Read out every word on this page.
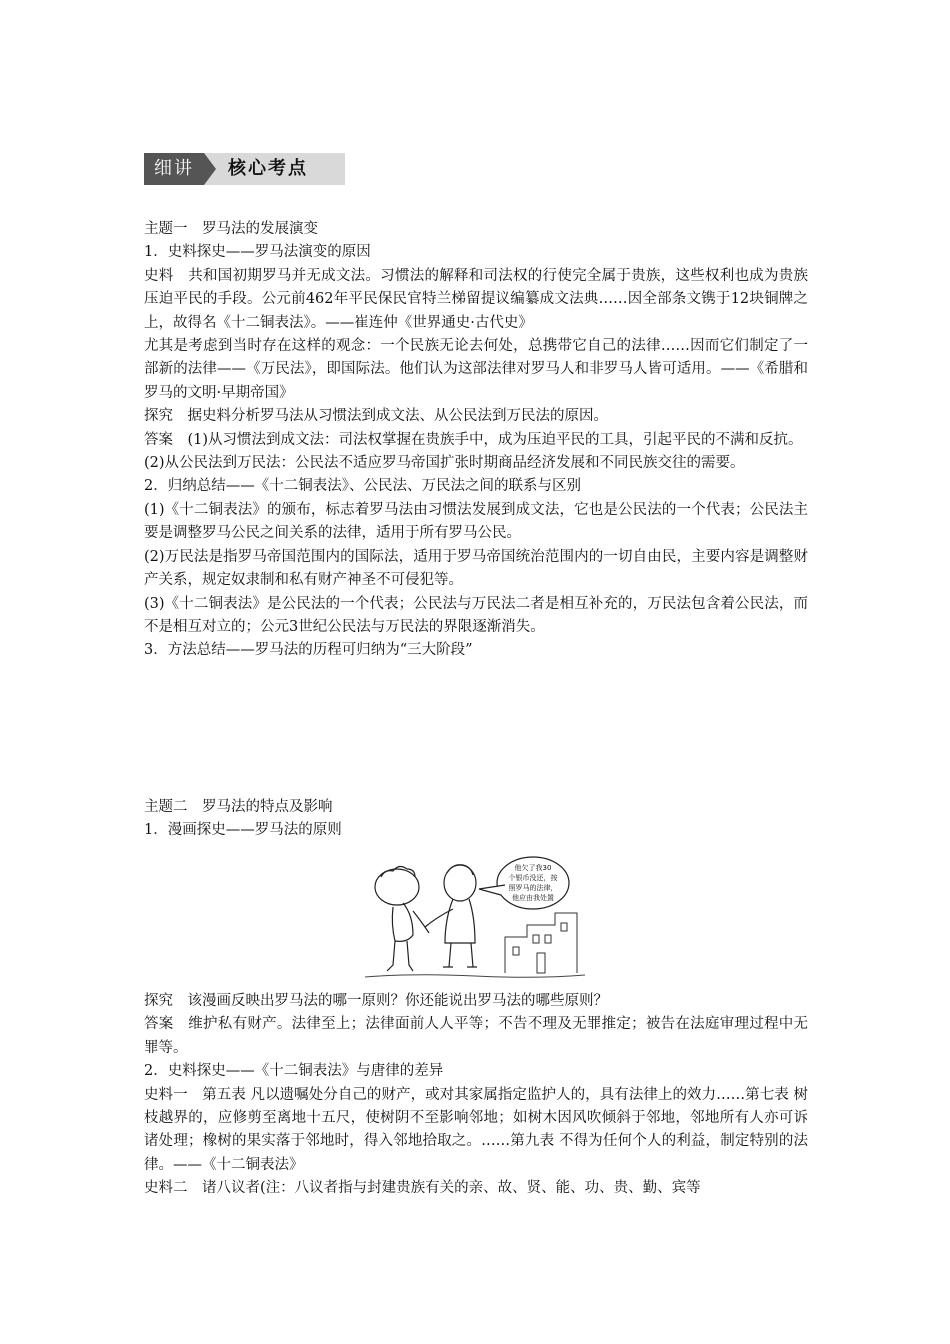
细讲	核心考点

主题一　罗马法的发展演变

1．史料探史——罗马法演变的原因

史料　共和国初期罗马并无成文法。习惯法的解释和司法权的行使完全属于贵族，这些权利也成为贵族压迫平民的手段。公元前462年平民保民官特兰梯留提议编纂成文法典……因全部条文镌于12块铜牌之上，故得名《十二铜表法》。——崔连仲《世界通史·古代史》

尤其是考虑到当时存在这样的观念：一个民族无论去何处，总携带它自己的法律……因而它们制定了一部新的法律——《万民法》，即国际法。他们认为这部法律对罗马人和非罗马人皆可适用。——《希腊和罗马的文明·早期帝国》

探究　据史料分析罗马法从习惯法到成文法、从公民法到万民法的原因。

答案　(1)从习惯法到成文法：司法权掌握在贵族手中，成为压迫平民的工具，引起平民的不满和反抗。

(2)从公民法到万民法：公民法不适应罗马帝国扩张时期商品经济发展和不同民族交往的需要。

2．归纳总结——《十二铜表法》、公民法、万民法之间的联系与区别

(1)《十二铜表法》的颁布，标志着罗马法由习惯法发展到成文法，它也是公民法的一个代表；公民法主要是调整罗马公民之间关系的法律，适用于所有罗马公民。

(2)万民法是指罗马帝国范围内的国际法，适用于罗马帝国统治范围内的一切自由民，主要内容是调整财产关系，规定奴隶制和私有财产神圣不可侵犯等。

(3)《十二铜表法》是公民法的一个代表；公民法与万民法二者是相互补充的，万民法包含着公民法，而不是相互对立的；公元3世纪公民法与万民法的界限逐渐消失。

3．方法总结——罗马法的历程可归纳为“三大阶段”

主题二　罗马法的特点及影响

1．漫画探史——罗马法的原则

他欠了我30
个银币没还，按
照罗马的法律，
他应由我处置

探究　该漫画反映出罗马法的哪一原则？你还能说出罗马法的哪些原则？

答案　维护私有财产。法律至上；法律面前人人平等；不告不理及无罪推定；被告在法庭审理过程中无罪等。

2．史料探史——《十二铜表法》与唐律的差异

史料一　第五表 凡以遗嘱处分自己的财产，或对其家属指定监护人的，具有法律上的效力……第七表 树枝越界的，应修剪至离地十五尺，使树阴不至影响邻地；如树木因风吹倾斜于邻地，邻地所有人亦可诉诸处理；橡树的果实落于邻地时，得入邻地拾取之。……第九表 不得为任何个人的利益，制定特别的法律。——《十二铜表法》

史料二　诸八议者(注：八议者指与封建贵族有关的亲、故、贤、能、功、贵、勤、宾等
